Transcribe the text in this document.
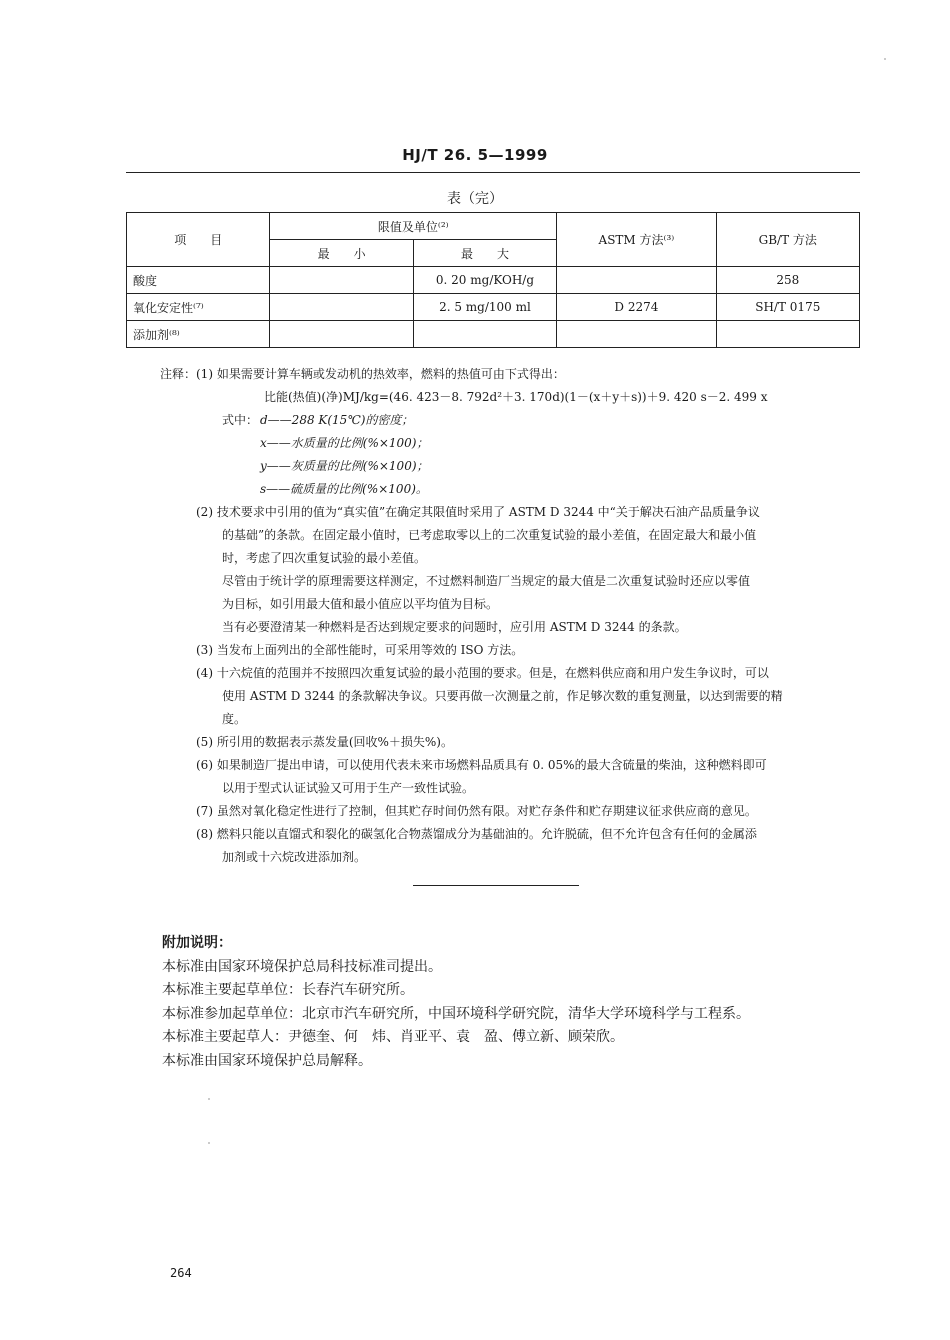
HJ/T 26. 5—1999
表（完）
项　　目	限值及单位⁽²⁾		ASTM 方法⁽³⁾	GB/T 方法
	最　　小	最　　大		
酸度		0. 20 mg/KOH/g		258
氧化安定性⁽⁷⁾		2. 5 mg/100 ml	D 2274	SH/T 0175
添加剂⁽⁸⁾				
注释： (1) 如果需要计算车辆或发动机的热效率，燃料的热值可由下式得出：
比能(热值)(净)MJ/kg=(46. 423－8. 792d²＋3. 170d)(1－(x＋y＋s))＋9. 420 s－2. 499 x
式中： d——288 K(15℃)的密度；
x——水质量的比例(%×100)；
y——灰质量的比例(%×100)；
s——硫质量的比例(%×100)。
(2) 技术要求中引用的值为“真实值”在确定其限值时采用了 ASTM D 3244 中“关于解决石油产品质量争议
的基础”的条款。在固定最小值时，已考虑取零以上的二次重复试验的最小差值，在固定最大和最小值
时，考虑了四次重复试验的最小差值。
尽管由于统计学的原理需要这样测定，不过燃料制造厂当规定的最大值是二次重复试验时还应以零值
为目标，如引用最大值和最小值应以平均值为目标。
当有必要澄清某一种燃料是否达到规定要求的问题时，应引用 ASTM D 3244 的条款。
(3) 当发布上面列出的全部性能时，可采用等效的 ISO 方法。
(4) 十六烷值的范围并不按照四次重复试验的最小范围的要求。但是，在燃料供应商和用户发生争议时，可以
使用 ASTM D 3244 的条款解决争议。只要再做一次测量之前，作足够次数的重复测量，以达到需要的精
度。
(5) 所引用的数据表示蒸发量(回收%＋损失%)。
(6) 如果制造厂提出申请，可以使用代表未来市场燃料品质具有 0. 05%的最大含硫量的柴油，这种燃料即可
以用于型式认证试验又可用于生产一致性试验。
(7) 虽然对氧化稳定性进行了控制，但其贮存时间仍然有限。对贮存条件和贮存期建议征求供应商的意见。
(8) 燃料只能以直馏式和裂化的碳氢化合物蒸馏成分为基础油的。允许脱硫，但不允许包含有任何的金属添
加剂或十六烷改进添加剂。
附加说明：
本标准由国家环境保护总局科技标准司提出。
本标准主要起草单位：长春汽车研究所。
本标准参加起草单位：北京市汽车研究所，中国环境科学研究院，清华大学环境科学与工程系。
本标准主要起草人：尹德奎、何　炜、肖亚平、袁　盈、傅立新、顾荣欣。
本标准由国家环境保护总局解释。
264
